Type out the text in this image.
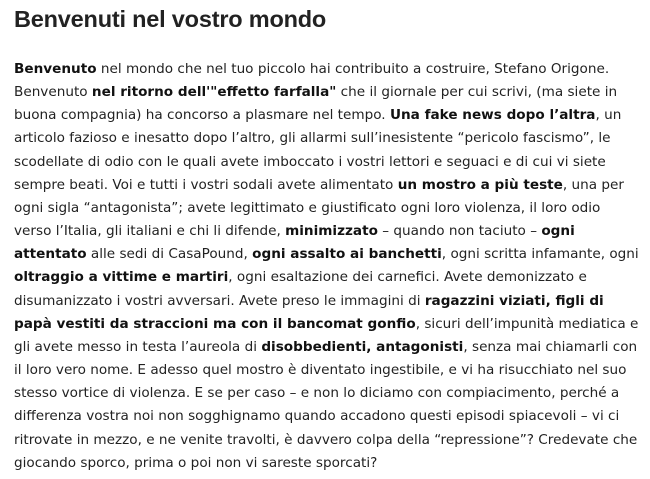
Benvenuti nel vostro mondo

Benvenuto nel mondo che nel tuo piccolo hai contribuito a costruire, Stefano Origone. Benvenuto nel ritorno dell'"effetto farfalla" che il giornale per cui scrivi, (ma siete in buona compagnia) ha concorso a plasmare nel tempo. Una fake news dopo l’altra, un articolo fazioso e inesatto dopo l’altro, gli allarmi sull’inesistente “pericolo fascismo”, le scodellate di odio con le quali avete imboccato i vostri lettori e seguaci e di cui vi siete sempre beati. Voi e tutti i vostri sodali avete alimentato un mostro a più teste, una per ogni sigla “antagonista”; avete legittimato e giustificato ogni loro violenza, il loro odio verso l’Italia, gli italiani e chi li difende, minimizzato – quando non taciuto – ogni attentato alle sedi di CasaPound, ogni assalto ai banchetti, ogni scritta infamante, ogni oltraggio a vittime e martiri, ogni esaltazione dei carnefici. Avete demonizzato e disumanizzato i vostri avversari. Avete preso le immagini di ragazzini viziati, figli di papà vestiti da straccioni ma con il bancomat gonfio, sicuri dell’impunità mediatica e gli avete messo in testa l’aureola di disobbedienti, antagonisti, senza mai chiamarli con il loro vero nome. E adesso quel mostro è diventato ingestibile, e vi ha risucchiato nel suo stesso vortice di violenza. E se per caso – e non lo diciamo con compiacimento, perché a differenza vostra noi non sogghignamo quando accadono questi episodi spiacevoli – vi ci ritrovate in mezzo, e ne venite travolti, è davvero colpa della “repressione”? Credevate che giocando sporco, prima o poi non vi sareste sporcati?
